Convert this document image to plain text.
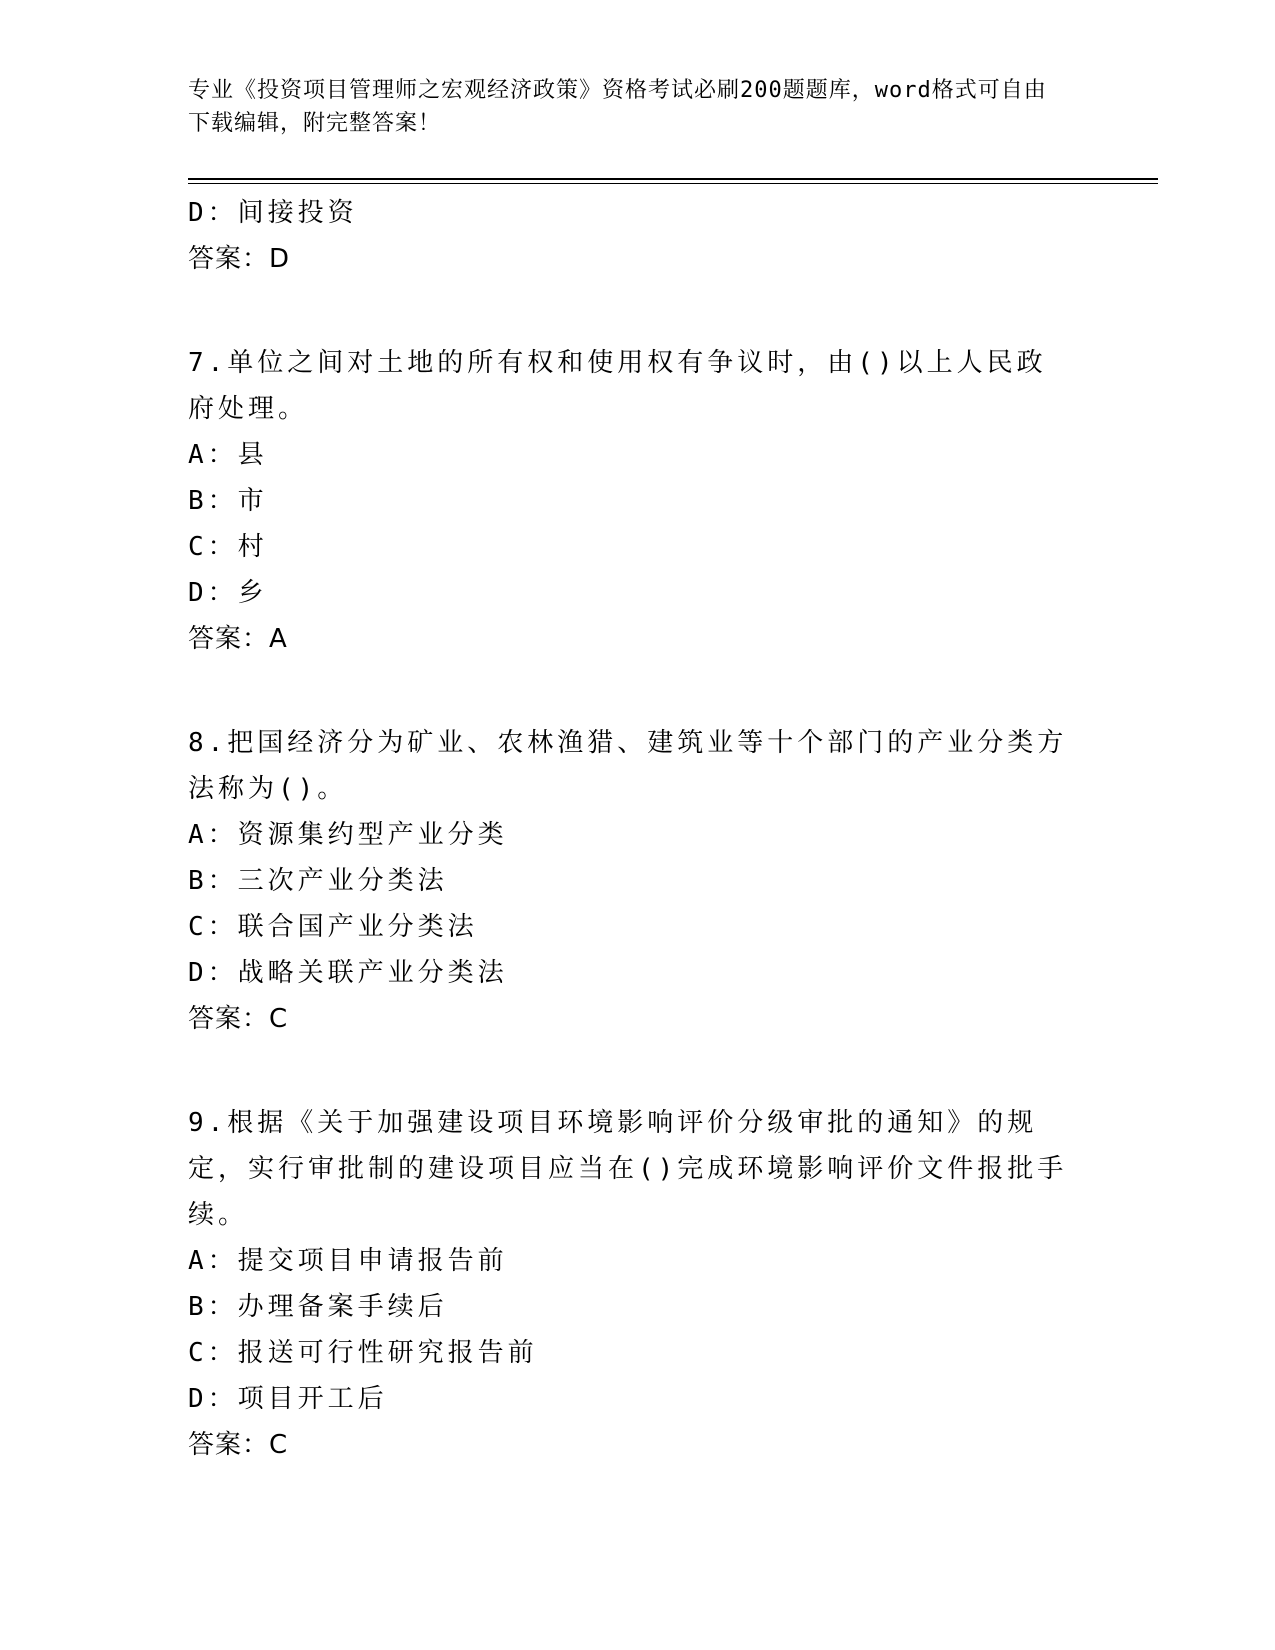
专业《投资项目管理师之宏观经济政策》资格考试必刷200题题库，word格式可自由下载编辑，附完整答案！
D：间接投资
答案：D
7.单位之间对土地的所有权和使用权有争议时，由()以上人民政府处理。
A：县
B：市
C：村
D：乡
答案：A
8.把国经济分为矿业、农林渔猎、建筑业等十个部门的产业分类方法称为()。
A：资源集约型产业分类
B：三次产业分类法
C：联合国产业分类法
D：战略关联产业分类法
答案：C
9.根据《关于加强建设项目环境影响评价分级审批的通知》的规定，实行审批制的建设项目应当在()完成环境影响评价文件报批手续。
A：提交项目申请报告前
B：办理备案手续后
C：报送可行性研究报告前
D：项目开工后
答案：C
